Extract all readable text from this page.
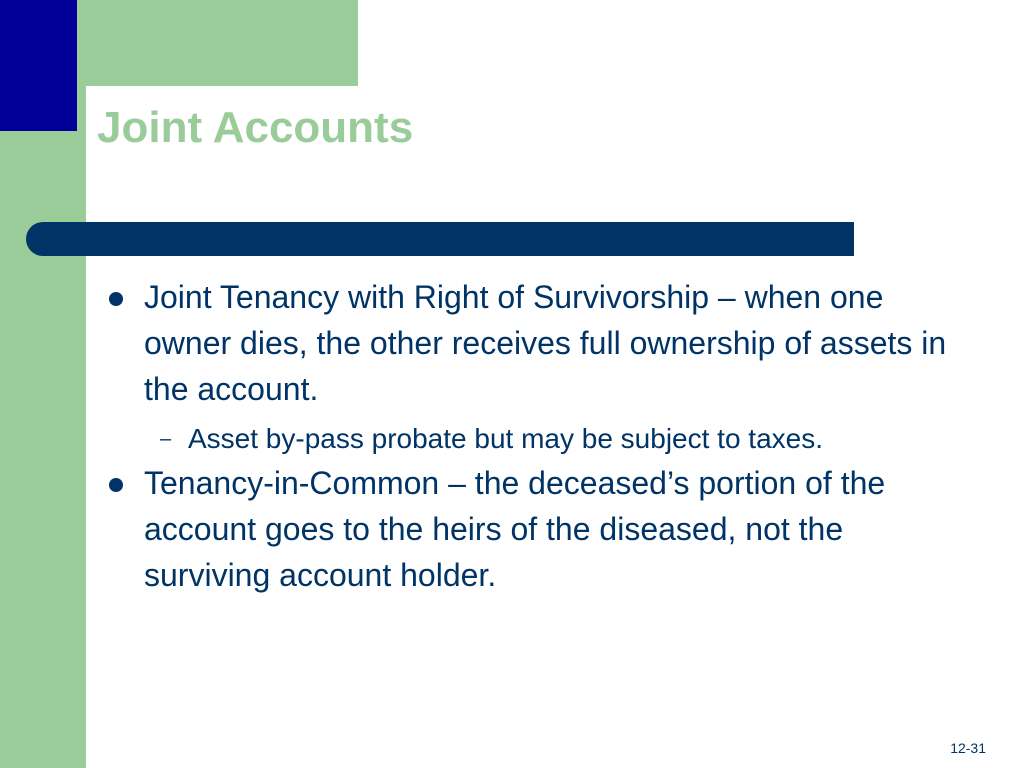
Joint Accounts
Joint Tenancy with Right of Survivorship – when one owner dies, the other receives full ownership of assets in the account.
– Asset by-pass probate but may be subject to taxes.
Tenancy-in-Common – the deceased’s portion of the account goes to the heirs of the diseased, not the surviving account holder.
12-31
